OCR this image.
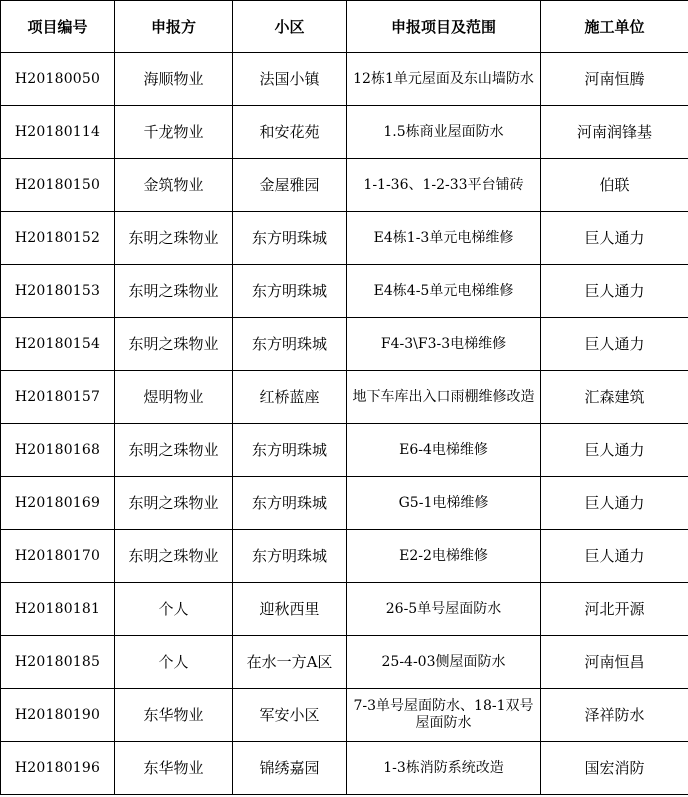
项目编号	申报方	小区	申报项目及范围	施工单位
H20180050	海顺物业	法国小镇	12栋1单元屋面及东山墙防水	河南恒腾
H20180114	千龙物业	和安花苑	1.5栋商业屋面防水	河南润锋基
H20180150	金筑物业	金屋雅园	1-1-36、1-2-33平台铺砖	伯联
H20180152	东明之珠物业	东方明珠城	E4栋1-3单元电梯维修	巨人通力
H20180153	东明之珠物业	东方明珠城	E4栋4-5单元电梯维修	巨人通力
H20180154	东明之珠物业	东方明珠城	F4-3\F3-3电梯维修	巨人通力
H20180157	煜明物业	红桥蓝座	地下车库出入口雨棚维修改造	汇森建筑
H20180168	东明之珠物业	东方明珠城	E6-4电梯维修	巨人通力
H20180169	东明之珠物业	东方明珠城	G5-1电梯维修	巨人通力
H20180170	东明之珠物业	东方明珠城	E2-2电梯维修	巨人通力
H20180181	个人	迎秋西里	26-5单号屋面防水	河北开源
H20180185	个人	在水一方A区	25-4-03侧屋面防水	河南恒昌
H20180190	东华物业	军安小区	7-3单号屋面防水、18-1双号屋面防水	泽祥防水
H20180196	东华物业	锦绣嘉园	1-3栋消防系统改造	国宏消防
